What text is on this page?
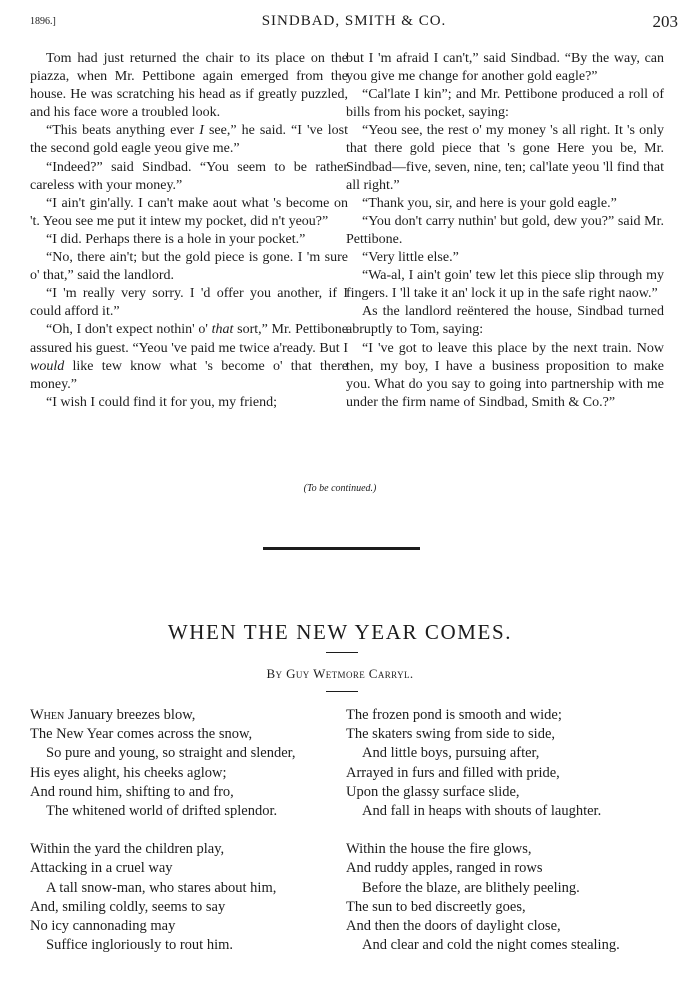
1896.]	SINDBAD, SMITH & CO.	203

Tom had just returned the chair to its place on the piazza, when Mr. Pettibone again emerged from the house. He was scratching his head as if greatly puzzled, and his face wore a troubled look.

“This beats anything ever I see,” he said. “I 've lost the second gold eagle yeou give me.”

“Indeed?” said Sindbad. “You seem to be rather careless with your money.”

“I ain't gin'ally. I can't make aout what 's become on 't. Yeou see me put it intew my pocket, did n't yeou?”

“I did. Perhaps there is a hole in your pocket.”

“No, there ain't; but the gold piece is gone. I 'm sure o' that,” said the landlord.

“I 'm really very sorry. I 'd offer you another, if I could afford it.”

“Oh, I don't expect nothin' o' that sort,” Mr. Pettibone assured his guest. “Yeou 've paid me twice a'ready. But I would like tew know what 's become o' that there money.”

“I wish I could find it for you, my friend;

but I 'm afraid I can't,” said Sindbad. “By the way, can you give me change for another gold eagle?”

“Cal'late I kin”; and Mr. Pettibone produced a roll of bills from his pocket, saying:

“Yeou see, the rest o' my money 's all right. It 's only that there gold piece that 's gone Here you be, Mr. Sindbad—five, seven, nine, ten; cal'late yeou 'll find that all right.”

“Thank you, sir, and here is your gold eagle.”

“You don't carry nuthin' but gold, dew you?” said Mr. Pettibone.

“Very little else.”

“Wa-al, I ain't goin' tew let this piece slip through my fingers. I 'll take it an' lock it up in the safe right naow.”

As the landlord reëntered the house, Sindbad turned abruptly to Tom, saying:

“I 've got to leave this place by the next train. Now then, my boy, I have a business proposition to make you. What do you say to going into partnership with me under the firm name of Sindbad, Smith & Co.?”

(To be continued.)
WHEN THE NEW YEAR COMES.
By Guy Wetmore Carryl.
When January breezes blow,
The New Year comes across the snow,
So pure and young, so straight and slender,
His eyes alight, his cheeks aglow;
And round him, shifting to and fro,
The whitened world of drifted splendor.
Within the yard the children play,
Attacking in a cruel way
A tall snow-man, who stares about him,
And, smiling coldly, seems to say
No icy cannonading may
Suffice ingloriously to rout him.
The frozen pond is smooth and wide;
The skaters swing from side to side,
And little boys, pursuing after,
Arrayed in furs and filled with pride,
Upon the glassy surface slide,
And fall in heaps with shouts of laughter.
Within the house the fire glows,
And ruddy apples, ranged in rows
Before the blaze, are blithely peeling.
The sun to bed discreetly goes,
And then the doors of daylight close,
And clear and cold the night comes stealing.
